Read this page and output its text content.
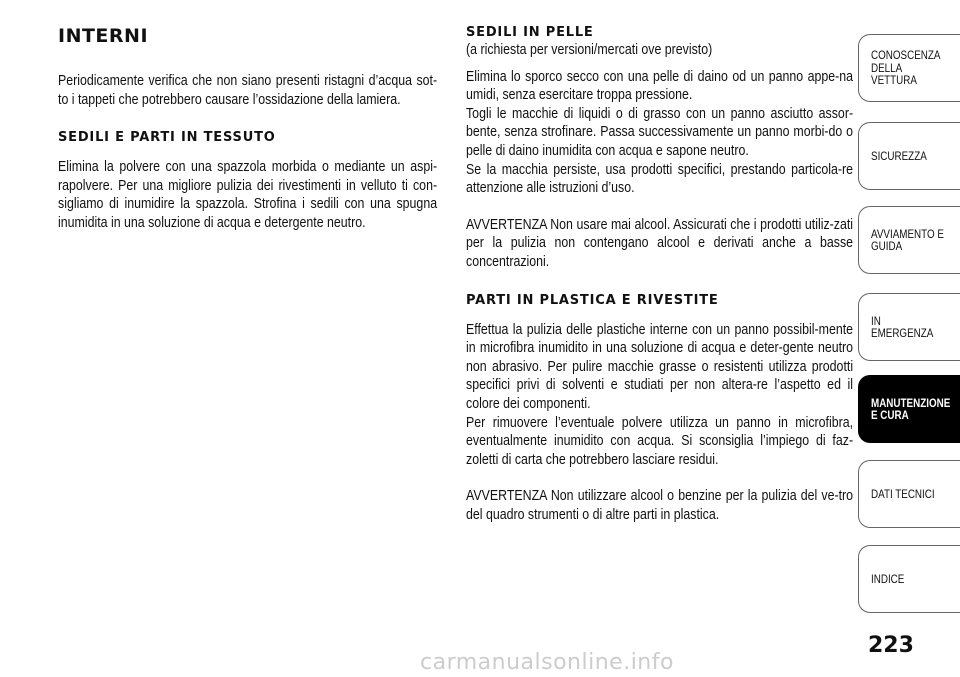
INTERNI

Periodicamente verifica che non siano presenti ristagni d’acqua sot-to i tappeti che potrebbero causare l’ossidazione della lamiera.

SEDILI E PARTI IN TESSUTO

Elimina la polvere con una spazzola morbida o mediante un aspi-rapolvere. Per una migliore pulizia dei rivestimenti in velluto ti con-sigliamo di inumidire la spazzola. Strofina i sedili con una spugna inumidita in una soluzione di acqua e detergente neutro.

SEDILI IN PELLE

(a richiesta per versioni/mercati ove previsto)

Elimina lo sporco secco con una pelle di daino od un panno appe-na umidi, senza esercitare troppa pressione.

Togli le macchie di liquidi o di grasso con un panno asciutto assor-bente, senza strofinare. Passa successivamente un panno morbi-do o pelle di daino inumidita con acqua e sapone neutro.

Se la macchia persiste, usa prodotti specifici, prestando particola-re attenzione alle istruzioni d’uso.

AVVERTENZA Non usare mai alcool. Assicurati che i prodotti utiliz-zati per la pulizia non contengano alcool e derivati anche a basse concentrazioni.

PARTI IN PLASTICA E RIVESTITE

Effettua la pulizia delle plastiche interne con un panno possibil-mente in microfibra inumidito in una soluzione di acqua e deter-gente neutro non abrasivo. Per pulire macchie grasse o resistenti utilizza prodotti specifici privi di solventi e studiati per non altera-re l’aspetto ed il colore dei componenti.

Per rimuovere l’eventuale polvere utilizza un panno in microfibra, eventualmente inumidito con acqua. Si sconsiglia l’impiego di faz-zoletti di carta che potrebbero lasciare residui.

AVVERTENZA Non utilizzare alcool o benzine per la pulizia del ve-tro del quadro strumenti o di altre parti in plastica.

CONOSCENZA DELLA VETTURA
SICUREZZA
AVVIAMENTO E GUIDA
IN EMERGENZA
MANUTENZIONE E CURA
DATI TECNICI
INDICE
223
carmanualsonline.info
